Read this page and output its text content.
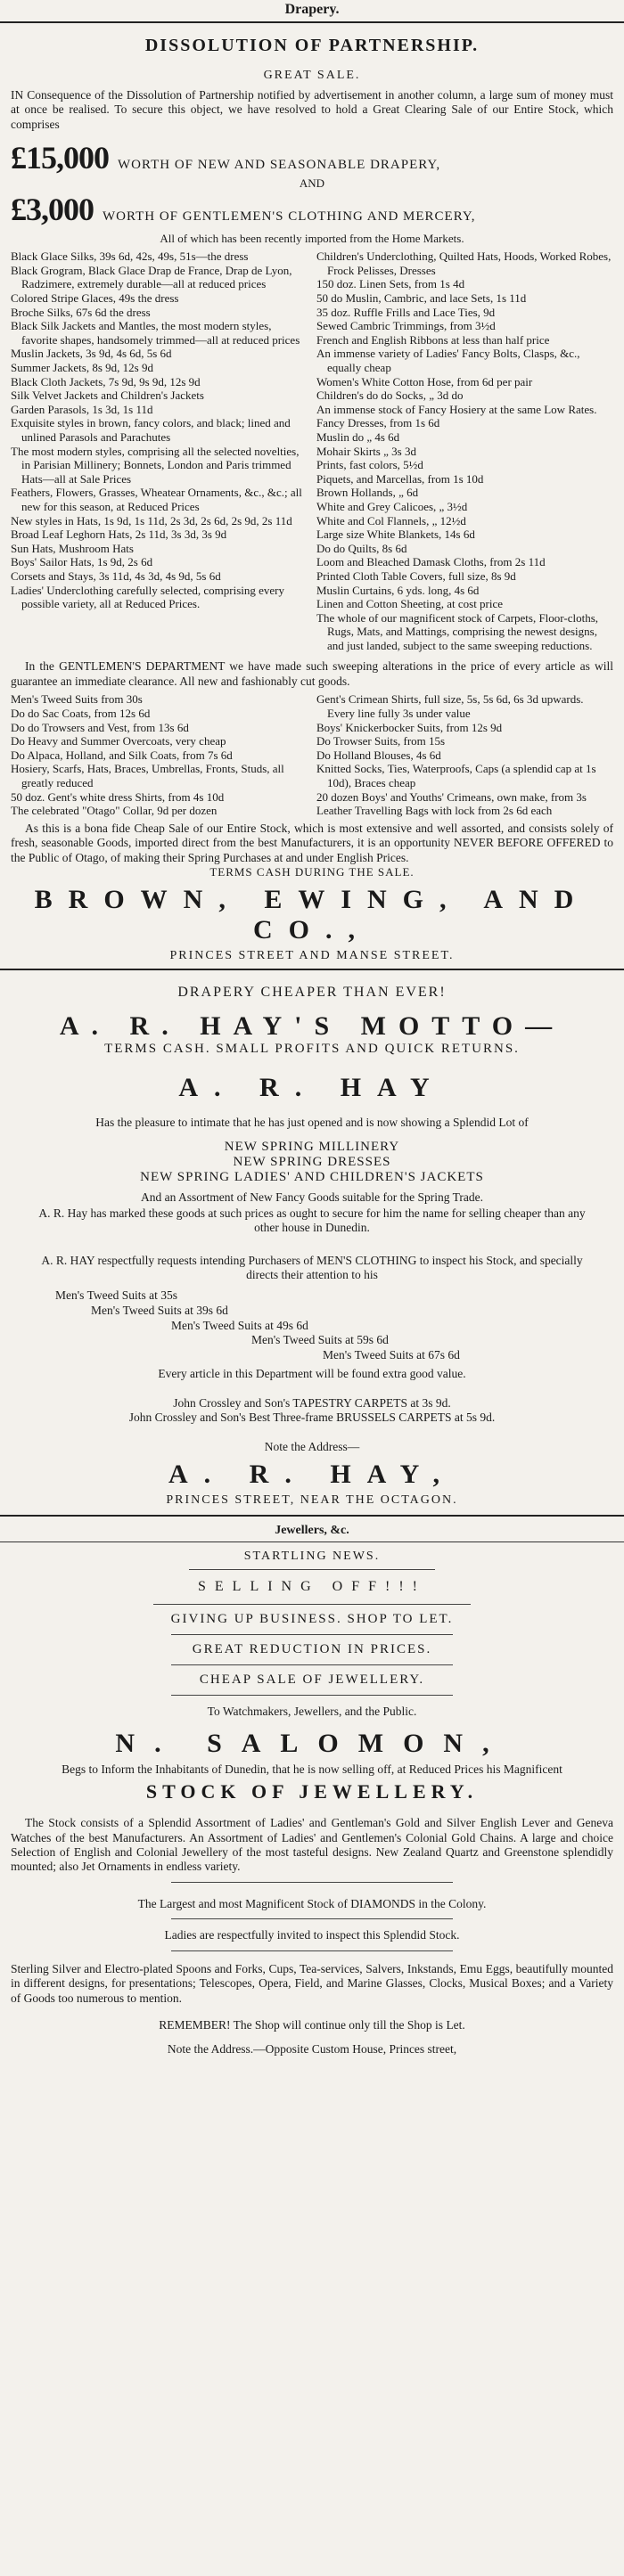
Drapery.
DISSOLUTION OF PARTNERSHIP.
GREAT SALE.

IN Consequence of the Dissolution of Partnership notified by advertisement in another column, a large sum of money must at once be realised. To secure this object, we have resolved to hold a Great Clearing Sale of our Entire Stock, which comprises

£15,000 WORTH OF NEW AND SEASONABLE DRAPERY,
AND
£3,000 WORTH OF GENTLEMEN'S CLOTHING AND MERCERY,
All of which has been recently imported from the Home Markets.

Black Glace Silks, 39s 6d, 42s, 49s, 51s—the dress

Black Grogram, Black Glace Drap de France, Drap de Lyon, Radzimere, extremely durable—all at reduced prices

Colored Stripe Glaces, 49s the dress

Broche Silks, 67s 6d the dress

Black Silk Jackets and Mantles, the most modern styles, favorite shapes, handsomely trimmed—all at reduced prices

Muslin Jackets, 3s 9d, 4s 6d, 5s 6d

Summer Jackets, 8s 9d, 12s 9d

Black Cloth Jackets, 7s 9d, 9s 9d, 12s 9d

Silk Velvet Jackets and Children's Jackets

Garden Parasols, 1s 3d, 1s 11d

Exquisite styles in brown, fancy colors, and black; lined and unlined Parasols and Parachutes

The most modern styles, comprising all the selected novelties, in Parisian Millinery; Bonnets, London and Paris trimmed Hats—all at Sale Prices

Feathers, Flowers, Grasses, Wheatear Ornaments, &c., &c.; all new for this season, at Reduced Prices

New styles in Hats, 1s 9d, 1s 11d, 2s 3d, 2s 6d, 2s 9d, 2s 11d

Broad Leaf Leghorn Hats, 2s 11d, 3s 3d, 3s 9d

Sun Hats, Mushroom Hats

Boys' Sailor Hats, 1s 9d, 2s 6d

Corsets and Stays, 3s 11d, 4s 3d, 4s 9d, 5s 6d

Ladies' Underclothing carefully selected, comprising every possible variety, all at Reduced Prices.

Children's Underclothing, Quilted Hats, Hoods, Worked Robes, Frock Pelisses, Dresses

150 doz. Linen Sets, from 1s 4d

50 do Muslin, Cambric, and lace Sets, 1s 11d

35 doz. Ruffle Frills and Lace Ties, 9d

Sewed Cambric Trimmings, from 3½d

French and English Ribbons at less than half price

An immense variety of Ladies' Fancy Bolts, Clasps, &c., equally cheap

Women's White Cotton Hose, from 6d per pair

Children's do do Socks, „ 3d do

An immense stock of Fancy Hosiery at the same Low Rates.

Fancy Dresses, from 1s 6d

Muslin do „ 4s 6d

Mohair Skirts „ 3s 3d

Prints, fast colors, 5½d

Piquets, and Marcellas, from 1s 10d

Brown Hollands, „ 6d

White and Grey Calicoes, „ 3½d

White and Col Flannels, „ 12½d

Large size White Blankets, 14s 6d

Do do Quilts, 8s 6d

Loom and Bleached Damask Cloths, from 2s 11d

Printed Cloth Table Covers, full size, 8s 9d

Muslin Curtains, 6 yds. long, 4s 6d

Linen and Cotton Sheeting, at cost price

The whole of our magnificent stock of Carpets, Floor-cloths, Rugs, Mats, and Mattings, comprising the newest designs, and just landed, subject to the same sweeping reductions.

In the GENTLEMEN'S DEPARTMENT we have made such sweeping alterations in the price of every article as will guarantee an immediate clearance. All new and fashionably cut goods.

Men's Tweed Suits from 30s

Do do Sac Coats, from 12s 6d

Do do Trowsers and Vest, from 13s 6d

Do Heavy and Summer Overcoats, very cheap

Do Alpaca, Holland, and Silk Coats, from 7s 6d

Hosiery, Scarfs, Hats, Braces, Umbrellas, Fronts, Studs, all greatly reduced

50 doz. Gent's white dress Shirts, from 4s 10d

The celebrated "Otago" Collar, 9d per dozen

Gent's Crimean Shirts, full size, 5s, 5s 6d, 6s 3d upwards. Every line fully 3s under value

Boys' Knickerbocker Suits, from 12s 9d

Do Trowser Suits, from 15s

Do Holland Blouses, 4s 6d

Knitted Socks, Ties, Waterproofs, Caps (a splendid cap at 1s 10d), Braces cheap

20 dozen Boys' and Youths' Crimeans, own make, from 3s

Leather Travelling Bags with lock from 2s 6d each

As this is a bona fide Cheap Sale of our Entire Stock, which is most extensive and well assorted, and consists solely of fresh, seasonable Goods, imported direct from the best Manufacturers, it is an opportunity NEVER BEFORE OFFERED to the Public of Otago, of making their Spring Purchases at and under English Prices.

TERMS CASH DURING THE SALE.
BROWN, EWING, AND CO.,
PRINCES STREET AND MANSE STREET.
DRAPERY CHEAPER THAN EVER!
A. R. HAY'S MOTTO—
TERMS CASH. SMALL PROFITS AND QUICK RETURNS.
A. R. HAY
Has the pleasure to intimate that he has just opened and is now showing a Splendid Lot of
NEW SPRING MILLINERY
NEW SPRING DRESSES
NEW SPRING LADIES' AND CHILDREN'S JACKETS
And an Assortment of New Fancy Goods suitable for the Spring Trade.
A. R. Hay has marked these goods at such prices as ought to secure for him the name for selling cheaper than any other house in Dunedin.
A. R. HAY respectfully requests intending Purchasers of MEN'S CLOTHING to inspect his Stock, and specially directs their attention to his
Men's Tweed Suits at 35s
Men's Tweed Suits at 39s 6d
Men's Tweed Suits at 49s 6d
Men's Tweed Suits at 59s 6d
Men's Tweed Suits at 67s 6d
Every article in this Department will be found extra good value.
John Crossley and Son's TAPESTRY CARPETS at 3s 9d.
John Crossley and Son's Best Three-frame BRUSSELS CARPETS at 5s 9d.
Note the Address—
A. R. HAY,
PRINCES STREET, NEAR THE OCTAGON.
Jewellers, &c.
STARTLING NEWS.
SELLING OFF!!!
GIVING UP BUSINESS. SHOP TO LET.
GREAT REDUCTION IN PRICES.
CHEAP SALE OF JEWELLERY.
To Watchmakers, Jewellers, and the Public.
N. SALOMON,
Begs to Inform the Inhabitants of Dunedin, that he is now selling off, at Reduced Prices his Magnificent
STOCK OF JEWELLERY.

The Stock consists of a Splendid Assortment of Ladies' and Gentleman's Gold and Silver English Lever and Geneva Watches of the best Manufacturers. An Assortment of Ladies' and Gentlemen's Colonial Gold Chains. A large and choice Selection of English and Colonial Jewellery of the most tasteful designs. New Zealand Quartz and Greenstone splendidly mounted; also Jet Ornaments in endless variety.

The Largest and most Magnificent Stock of DIAMONDS in the Colony.
Ladies are respectfully invited to inspect this Splendid Stock.

Sterling Silver and Electro-plated Spoons and Forks, Cups, Tea-services, Salvers, Inkstands, Emu Eggs, beautifully mounted in different designs, for presentations; Telescopes, Opera, Field, and Marine Glasses, Clocks, Musical Boxes; and a Variety of Goods too numerous to mention.

REMEMBER! The Shop will continue only till the Shop is Let.
Note the Address.—Opposite Custom House, Princes street,
